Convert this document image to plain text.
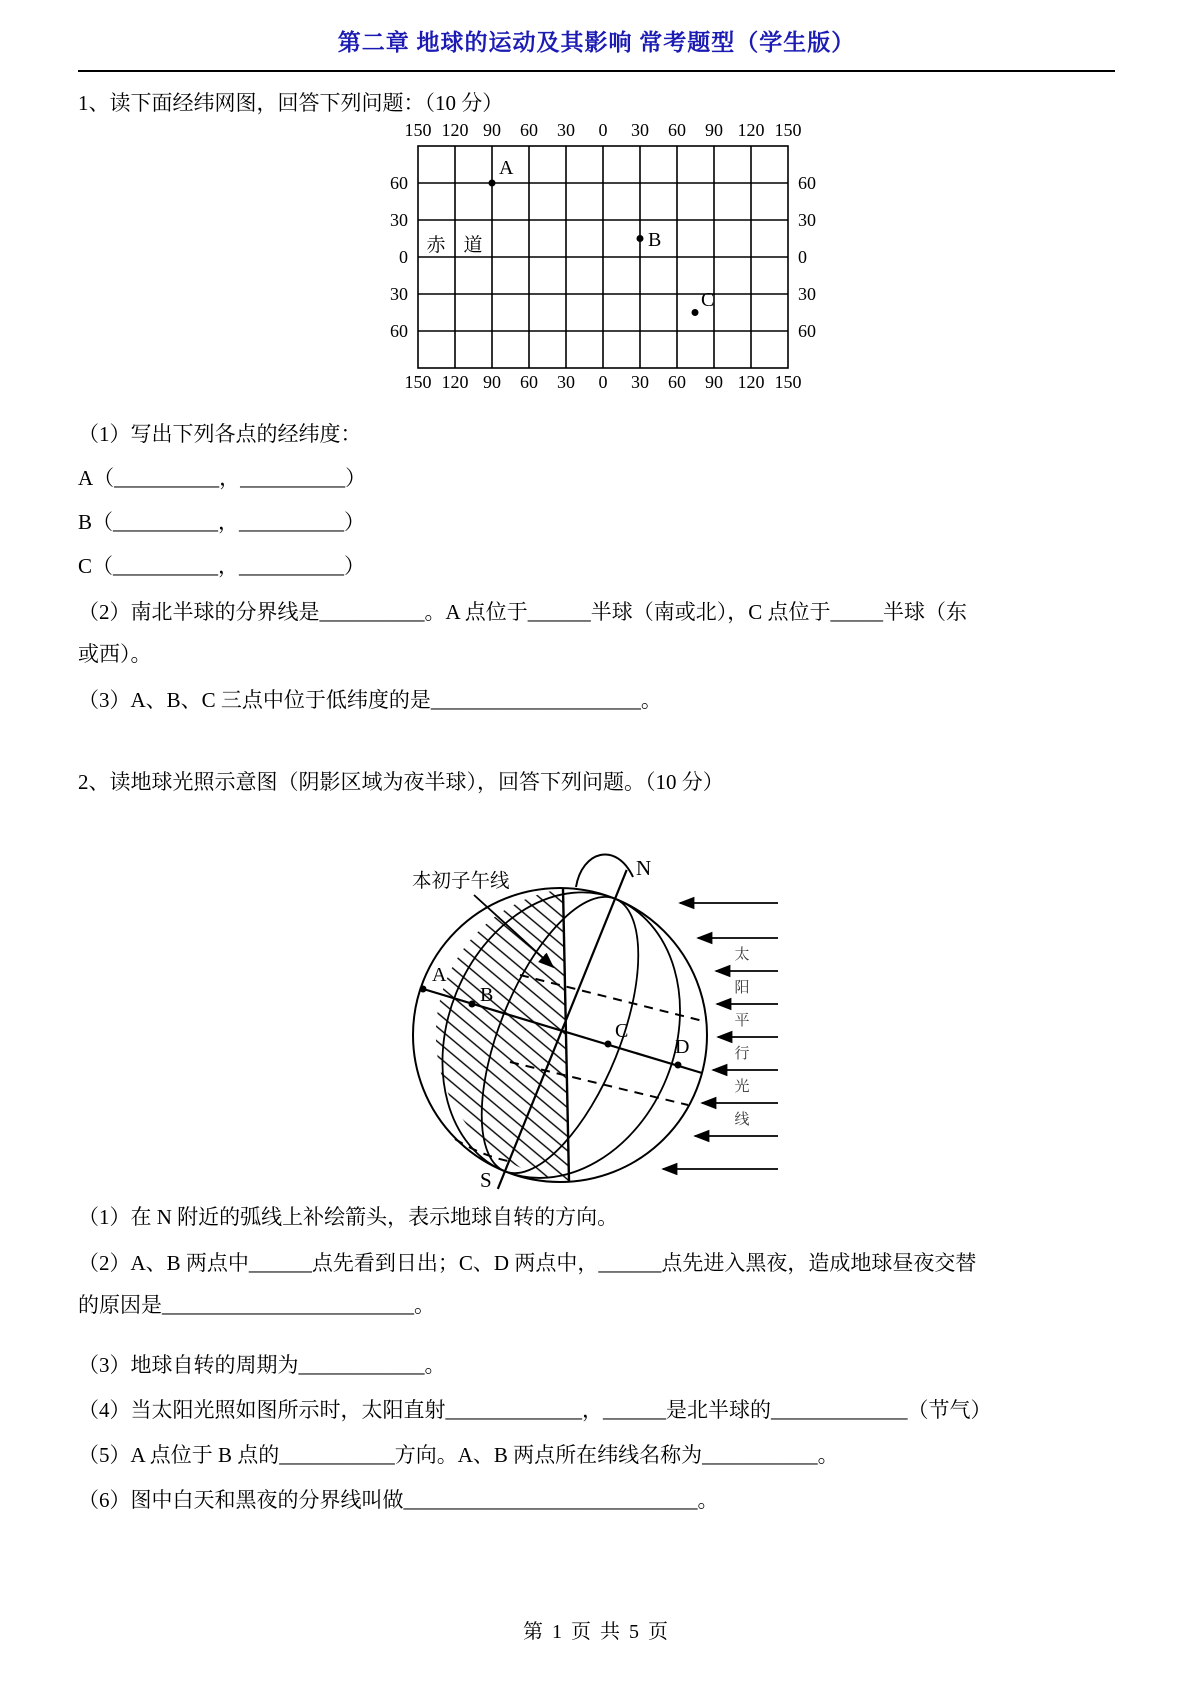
第二章 地球的运动及其影响 常考题型（学生版）
1、读下面经纬网图，回答下列问题：（10 分）
150 120 90 60 30 0 30 60 90 120 150
150 120 90 60 30 0 30 60 90 120 150
60
30
0
30
60
60
30
0
30
60
赤 道
A
B
C
（1）写出下列各点的经纬度：
A（__________，__________）
B（__________，__________）
C（__________，__________）
（2）南北半球的分界线是__________。A 点位于______半球（南或北），C 点位于_____半球（东
或西）。
（3）A、B、C 三点中位于低纬度的是____________________。
2、读地球光照示意图（阴影区域为夜半球），回答下列问题。（10 分）
本初子午线
N
S
A
B
C
D
太
阳
平
行
光
线
（1）在 N 附近的弧线上补绘箭头，表示地球自转的方向。
（2）A、B 两点中______点先看到日出；C、D 两点中，______点先进入黑夜，造成地球昼夜交替
的原因是________________________。
（3）地球自转的周期为____________。
（4）当太阳光照如图所示时，太阳直射_____________，______是北半球的_____________（节气）
（5）A 点位于 B 点的___________方向。A、B 两点所在纬线名称为___________。
（6）图中白天和黑夜的分界线叫做____________________________。
第 1 页 共 5 页
